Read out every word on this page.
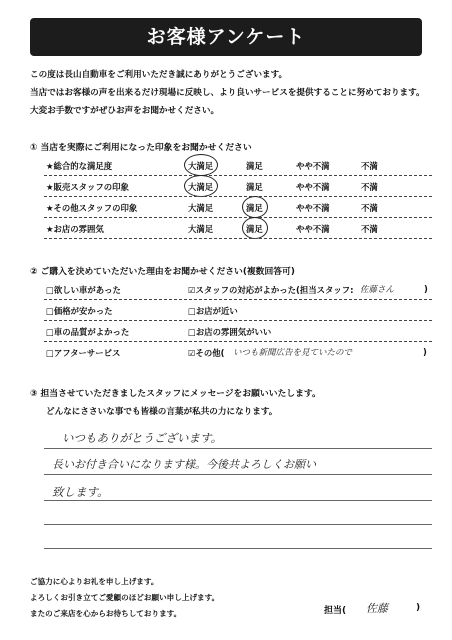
お客様アンケート
この度は長山自動車をご利用いただき誠にありがとうございます。
当店ではお客様の声を出来るだけ現場に反映し、より良いサービスを提供することに努めております。
大変お手数ですがぜひお声をお聞かせください。
① 当店を実際にご利用になった印象をお聞かせください
★総合的な満足度	大満足	満足	やや不満	不満
★販売スタッフの印象	大満足	満足	やや不満	不満
★その他スタッフの印象	大満足	満足	やや不満	不満
★お店の雰囲気	大満足	満足	やや不満	不満
② ご購入を決めていただいた理由をお聞かせください(複数回答可)
□欲しい車があった	☑スタッフの対応がよかった(担当スタッフ: 佐藤さん	)
□価格が安かった	□お店が近い
□車の品質がよかった	□お店の雰囲気がいい
□アフターサービス	☑その他( いつも新聞広告を見ていたので	)
③ 担当させていただきましたスタッフにメッセージをお願いいたします。
どんなにささいな事でも皆様の言葉が私共の力になります。
いつもありがとうございます。
長いお付き合いになります様。今後共よろしくお願い
致します。
ご協力に心よりお礼を申し上げます。
よろしくお引き立てご愛顧のほどお願い申し上げます。
またのご来店を心からお待ちしております。	担当( 佐藤	)
